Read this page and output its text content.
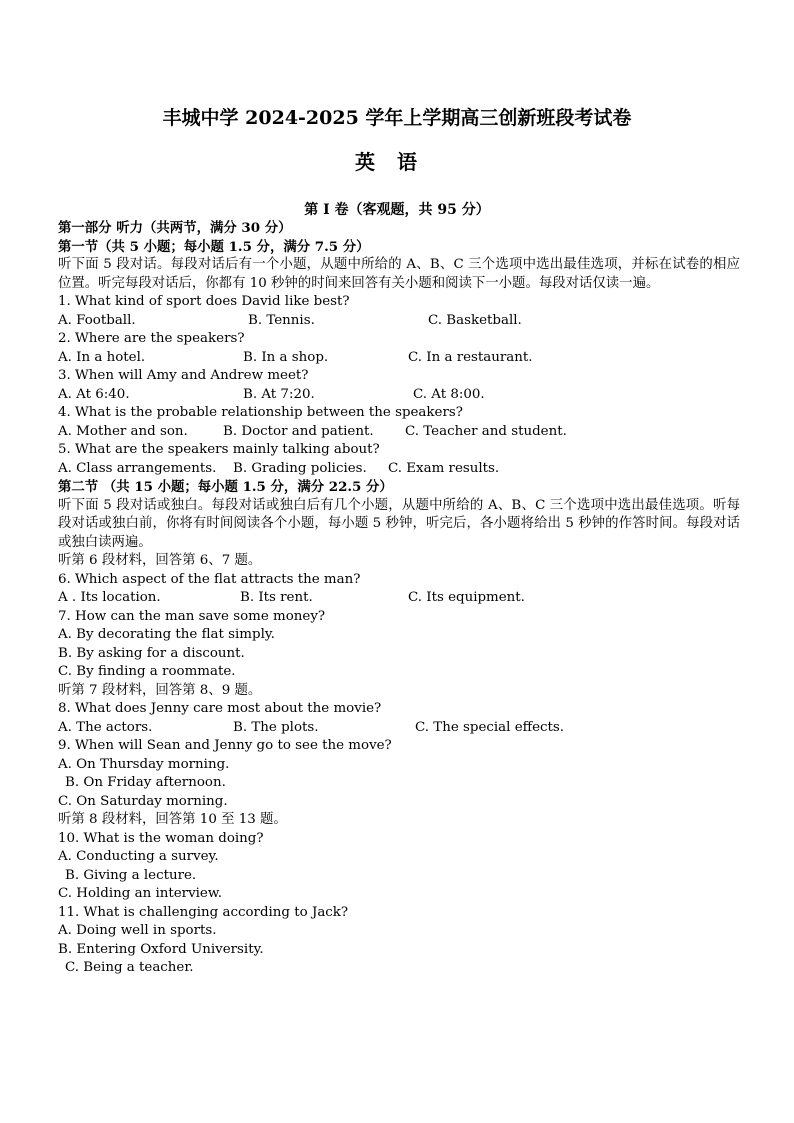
丰城中学 2024-2025 学年上学期高三创新班段考试卷
英语
第 I 卷（客观题，共 95 分）
第一部分 听力（共两节，满分 30 分）
第一节（共 5 小题；每小题 1.5 分，满分 7.5 分）
听下面 5 段对话。每段对话后有一个小题，从题中所给的 A、B、C 三个选项中选出最佳选项，并标在试卷的相应位置。听完每段对话后，你都有 10 秒钟的时间来回答有关小题和阅读下一小题。每段对话仅读一遍。
1. What kind of sport does David like best?
A. Football.	B. Tennis.	C. Basketball.
2. Where are the speakers?
A. In a hotel.	B. In a shop.	C. In a restaurant.
3. When will Amy and Andrew meet?
A. At 6:40.	B. At 7:20.	C. At 8:00.
4. What is the probable relationship between the speakers?
A. Mother and son.	B. Doctor and patient.	C. Teacher and student.
5. What are the speakers mainly talking about?
A. Class arrangements.	B. Grading policies.	C. Exam results.
第二节 （共 15 小题；每小题 1.5 分，满分 22.5 分）
听下面 5 段对话或独白。每段对话或独白后有几个小题，从题中所给的 A、B、C 三个选项中选出最佳选项。听每段对话或独白前，你将有时间阅读各个小题，每小题 5 秒钟，听完后，各小题将给出 5 秒钟的作答时间。每段对话或独白读两遍。
听第 6 段材料，回答第 6、7 题。
6. Which aspect of the flat attracts the man?
A . Its location.	B. Its rent.	C. Its equipment.
7. How can the man save some money?
A. By decorating the flat simply.
B. By asking for a discount.
C. By finding a roommate.
听第 7 段材料，回答第 8、9 题。
8. What does Jenny care most about the movie?
A. The actors.	B. The plots.	C. The special effects.
9. When will Sean and Jenny go to see the move?
A. On Thursday morning.
B. On Friday afternoon.
C. On Saturday morning.
听第 8 段材料，回答第 10 至 13 题。
10. What is the woman doing?
A. Conducting a survey.
B. Giving a lecture.
C. Holding an interview.
11. What is challenging according to Jack?
A. Doing well in sports.
B. Entering Oxford University.
C. Being a teacher.
